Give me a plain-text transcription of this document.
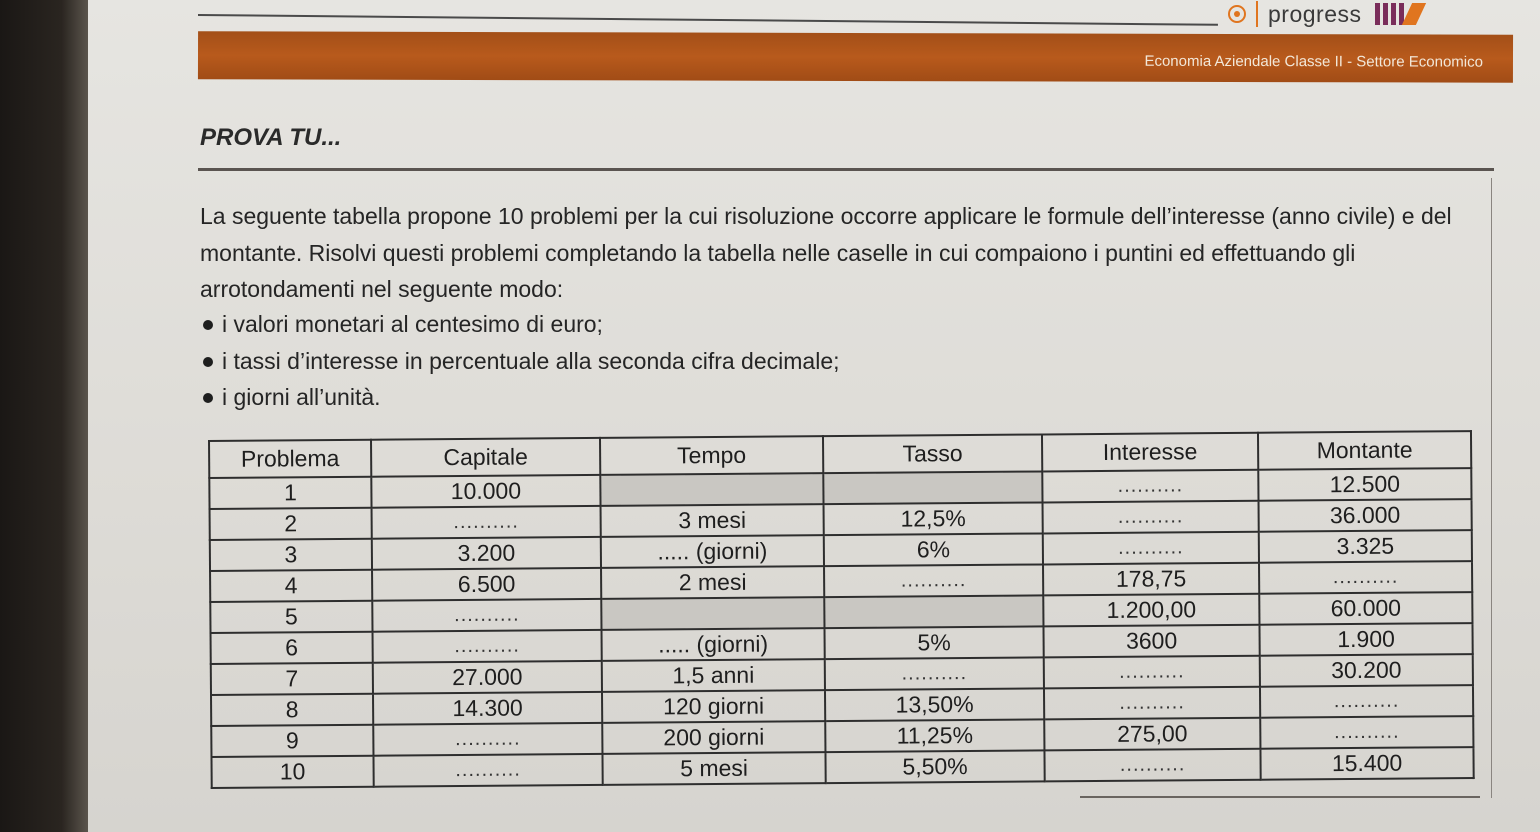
progress
Economia Aziendale Classe II - Settore Economico
PROVA TU...
La seguente tabella propone 10 problemi per la cui risoluzione occorre applicare le formule dell’interesse (anno civile) e del montante. Risolvi questi problemi completando la tabella nelle caselle in cui compaiono i puntini ed effettuando gli arrotondamenti nel seguente modo:
i valori monetari al centesimo di euro;
i tassi d’interesse in percentuale alla seconda cifra decimale;
i giorni all’unità.
Problema	Capitale	Tempo	Tasso	Interesse	Montante
1	10.000			..........	12.500
2	..........	3 mesi	12,5%	..........	36.000
3	3.200	..... (giorni)	6%	..........	3.325
4	6.500	2 mesi	..........	178,75	..........
5	..........			1.200,00	60.000
6	..........	..... (giorni)	5%	3600	1.900
7	27.000	1,5 anni	..........	..........	30.200
8	14.300	120 giorni	13,50%	..........	..........
9	..........	200 giorni	11,25%	275,00	..........
10	..........	5 mesi	5,50%	..........	15.400
